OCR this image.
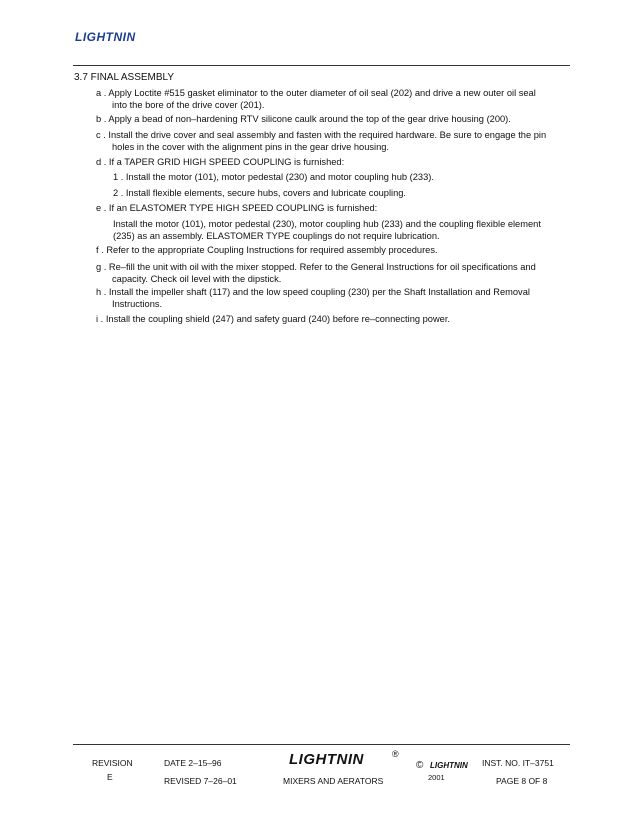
LIGHTNIN
3.7 FINAL ASSEMBLY
a . Apply Loctite #515 gasket eliminator to the outer diameter of oil seal (202) and drive a new outer oil seal
into the bore of the drive cover (201).
b . Apply a bead of non–hardening RTV silicone caulk around the top of the gear drive housing (200).
c . Install the drive cover and seal assembly and fasten with the required hardware. Be sure to engage the pin
holes in the cover with the alignment pins in the gear drive housing.
d . If a TAPER GRID HIGH SPEED COUPLING is furnished:
1 . Install the motor (101), motor pedestal (230) and motor coupling hub (233).
2 . Install flexible elements, secure hubs, covers and lubricate coupling.
e . If an ELASTOMER TYPE HIGH SPEED COUPLING is furnished:
Install the motor (101), motor pedestal (230), motor coupling hub (233) and the coupling flexible element
(235) as an assembly. ELASTOMER TYPE couplings do not require lubrication.
f . Refer to the appropriate Coupling Instructions for required assembly procedures.
g . Re–fill the unit with oil with the mixer stopped. Refer to the General Instructions for oil specifications and
capacity. Check oil level with the dipstick.
h . Install the impeller shaft (117) and the low speed coupling (230) per the Shaft Installation and Removal
Instructions.
i . Install the coupling shield (247) and safety guard (240) before re–connecting power.
REVISION
E
DATE 2–15–96
REVISED 7–26–01
LIGHTNIN	®
MIXERS AND AERATORS
© LIGHTNIN
2001
INST. NO. IT–3751
PAGE 8 OF 8
